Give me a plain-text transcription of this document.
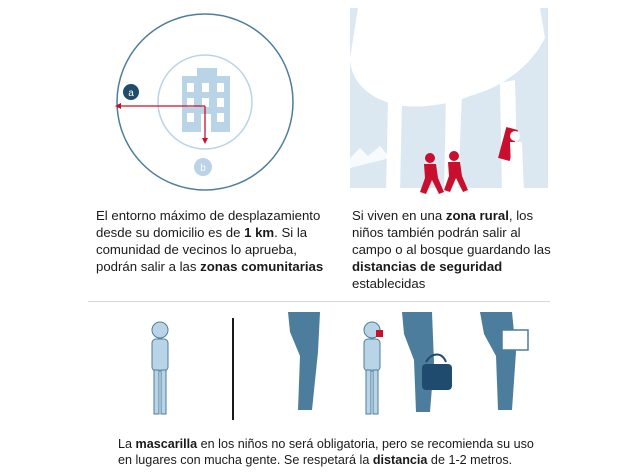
a
b
El entorno máximo de desplazamiento desde su domicilio es de 1 km. Si la comunidad de vecinos lo aprueba, podrán salir a las zonas comunitarias
Si viven en una zona rural, los niños también podrán salir al campo o al bosque guardando las distancias de seguridad establecidas
La mascarilla en los niños no será obligatoria, pero se recomienda su uso en lugares con mucha gente. Se respetará la distancia de 1-2 metros.
